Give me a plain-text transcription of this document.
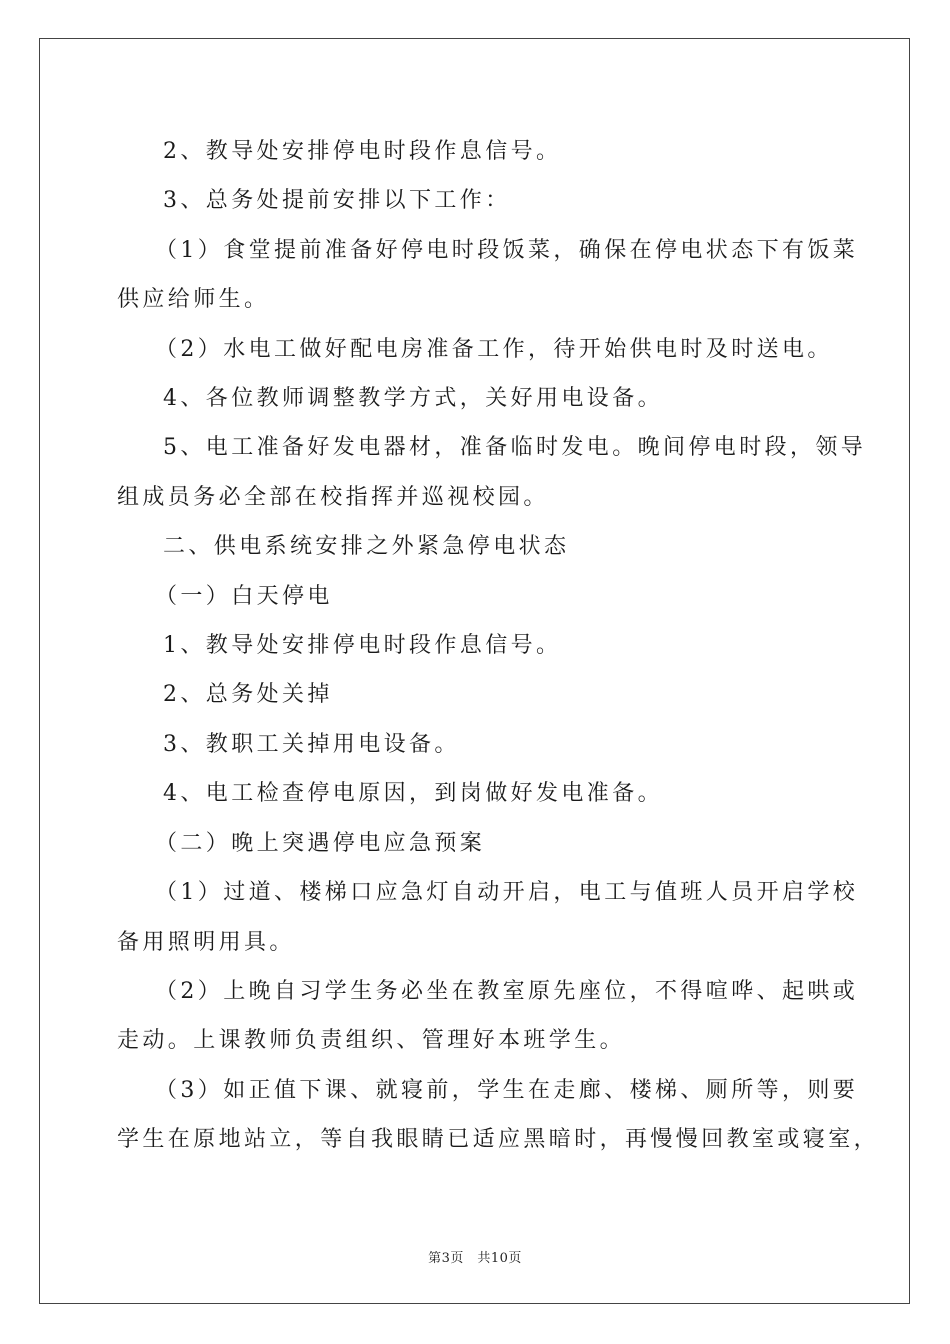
2、教导处安排停电时段作息信号。

3、总务处提前安排以下工作：

（1）食堂提前准备好停电时段饭菜，确保在停电状态下有饭菜

供应给师生。

（2）水电工做好配电房准备工作，待开始供电时及时送电。

4、各位教师调整教学方式，关好用电设备。

5、电工准备好发电器材，准备临时发电。晚间停电时段，领导

组成员务必全部在校指挥并巡视校园。

二、供电系统安排之外紧急停电状态

（一）白天停电

1、教导处安排停电时段作息信号。

2、总务处关掉

3、教职工关掉用电设备。

4、电工检查停电原因，到岗做好发电准备。

（二）晚上突遇停电应急预案

（1）过道、楼梯口应急灯自动开启，电工与值班人员开启学校

备用照明用具。

（2）上晚自习学生务必坐在教室原先座位，不得喧哗、起哄或

走动。上课教师负责组织、管理好本班学生。

（3）如正值下课、就寝前，学生在走廊、楼梯、厕所等，则要

学生在原地站立，等自我眼睛已适应黑暗时，再慢慢回教室或寝室，

第3页　共10页
